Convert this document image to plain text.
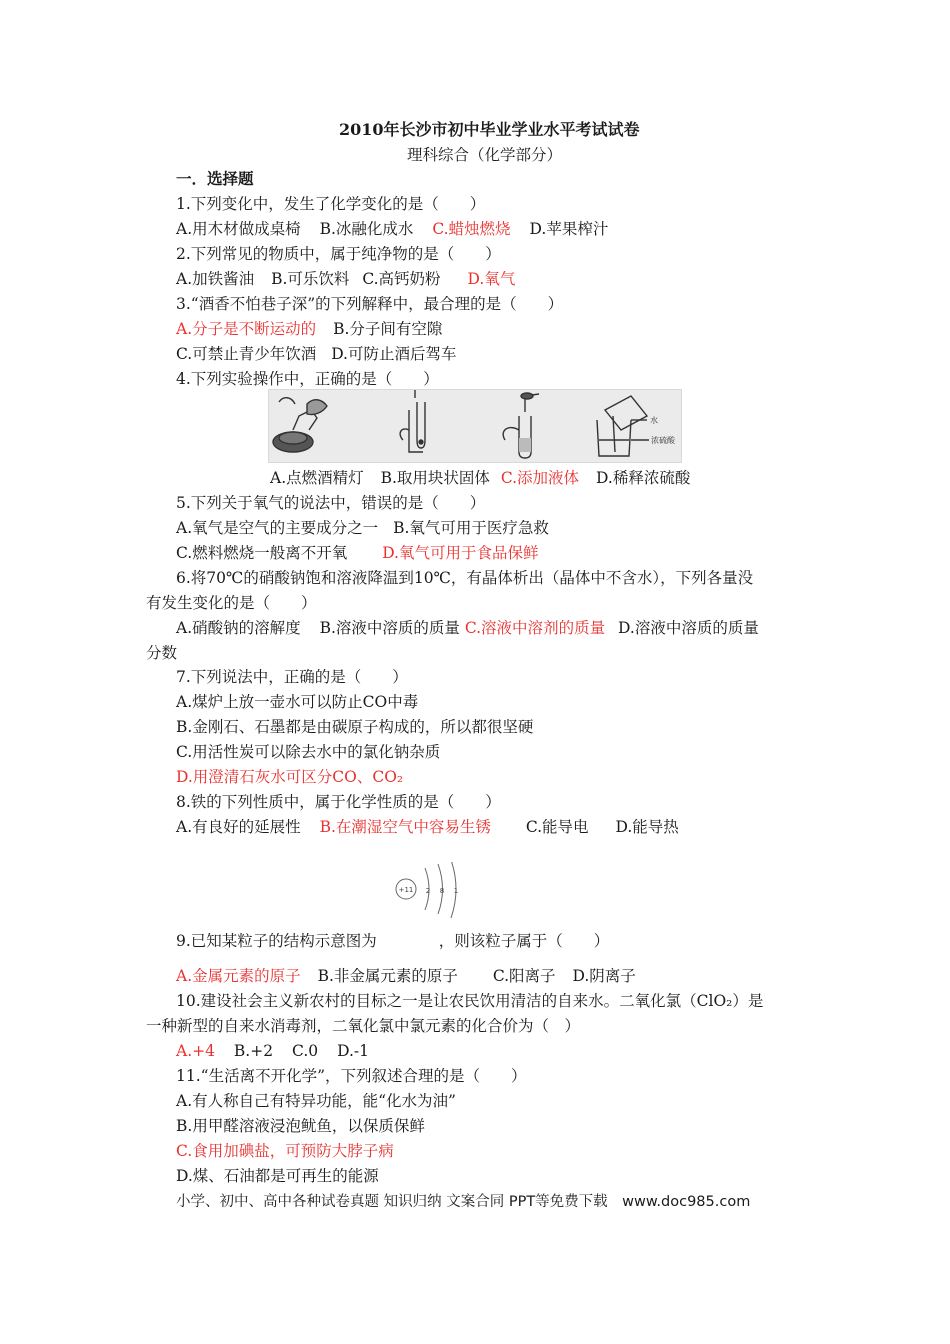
2010年长沙市初中毕业学业水平考试试卷
理科综合（化学部分）
一．选择题
1.下列变化中，发生了化学变化的是（　　）
A.用木材做成桌椅 B.冰融化成水 C.蜡烛燃烧 D.苹果榨汁
2.下列常见的物质中，属于纯净物的是（　　）
A.加铁酱油 B.可乐饮料 C.高钙奶粉 D.氧气
3.“酒香不怕巷子深”的下列解释中，最合理的是（　　）
A.分子是不断运动的 B.分子间有空隙
C.可禁止青少年饮酒 D.可防止酒后驾车
4.下列实验操作中，正确的是（　　）
水
浓硫酸
A.点燃酒精灯 B.取用块状固体 C.添加液体 D.稀释浓硫酸
5.下列关于氧气的说法中，错误的是（　　）
A.氧气是空气的主要成分之一 B.氧气可用于医疗急救
C.燃料燃烧一般离不开氧 D.氧气可用于食品保鲜
6.将70℃的硝酸钠饱和溶液降温到10℃，有晶体析出（晶体中不含水），下列各量没
有发生变化的是（　　）
A.硝酸钠的溶解度 B.溶液中溶质的质量 C.溶液中溶剂的质量 D.溶液中溶质的质量
分数
7.下列说法中，正确的是（　　）
A.煤炉上放一壶水可以防止CO中毒
B.金刚石、石墨都是由碳原子构成的，所以都很坚硬
C.用活性炭可以除去水中的氯化钠杂质
D.用澄清石灰水可区分CO、CO₂
8.铁的下列性质中，属于化学性质的是（　　）
A.有良好的延展性 B.在潮湿空气中容易生锈 C.能导电 D.能导热
+11 2 8 1
9.已知某粒子的结构示意图为	，则该粒子属于（　　）
A.金属元素的原子 B.非金属元素的原子 C.阳离子 D.阴离子
10.建设社会主义新农村的目标之一是让农民饮用清洁的自来水。二氧化氯（ClO₂）是
一种新型的自来水消毒剂，二氧化氯中氯元素的化合价为（　）
A.+4 B.+2 C.0 D.-1
11.“生活离不开化学”，下列叙述合理的是（　　）
A.有人称自己有特异功能，能“化水为油”
B.用甲醛溶液浸泡鱿鱼，以保质保鲜
C.食用加碘盐，可预防大脖子病
D.煤、石油都是可再生的能源
小学、初中、高中各种试卷真题 知识归纳 文案合同 PPT等免费下载　www.doc985.com
